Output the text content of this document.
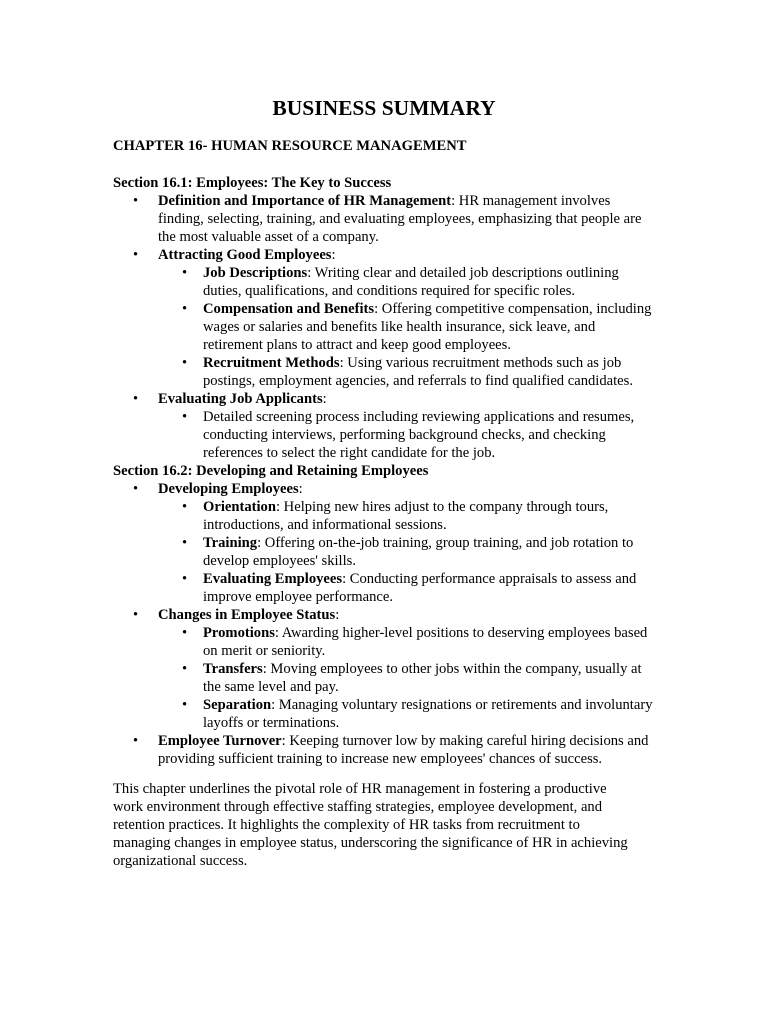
BUSINESS SUMMARY
CHAPTER 16- HUMAN RESOURCE MANAGEMENT
Section 16.1: Employees: The Key to Success
• Definition and Importance of HR Management: HR management involves finding, selecting, training, and evaluating employees, emphasizing that people are the most valuable asset of a company.
• Attracting Good Employees:
• Job Descriptions: Writing clear and detailed job descriptions outlining duties, qualifications, and conditions required for specific roles.
• Compensation and Benefits: Offering competitive compensation, including wages or salaries and benefits like health insurance, sick leave, and retirement plans to attract and keep good employees.
• Recruitment Methods: Using various recruitment methods such as job postings, employment agencies, and referrals to find qualified candidates.
• Evaluating Job Applicants:
• Detailed screening process including reviewing applications and resumes, conducting interviews, performing background checks, and checking references to select the right candidate for the job.
Section 16.2: Developing and Retaining Employees
• Developing Employees:
• Orientation: Helping new hires adjust to the company through tours, introductions, and informational sessions.
• Training: Offering on-the-job training, group training, and job rotation to develop employees' skills.
• Evaluating Employees: Conducting performance appraisals to assess and improve employee performance.
• Changes in Employee Status:
• Promotions: Awarding higher-level positions to deserving employees based on merit or seniority.
• Transfers: Moving employees to other jobs within the company, usually at the same level and pay.
• Separation: Managing voluntary resignations or retirements and involuntary layoffs or terminations.
• Employee Turnover: Keeping turnover low by making careful hiring decisions and providing sufficient training to increase new employees' chances of success.

This chapter underlines the pivotal role of HR management in fostering a productive work environment through effective staffing strategies, employee development, and retention practices. It highlights the complexity of HR tasks from recruitment to managing changes in employee status, underscoring the significance of HR in achieving organizational success.
